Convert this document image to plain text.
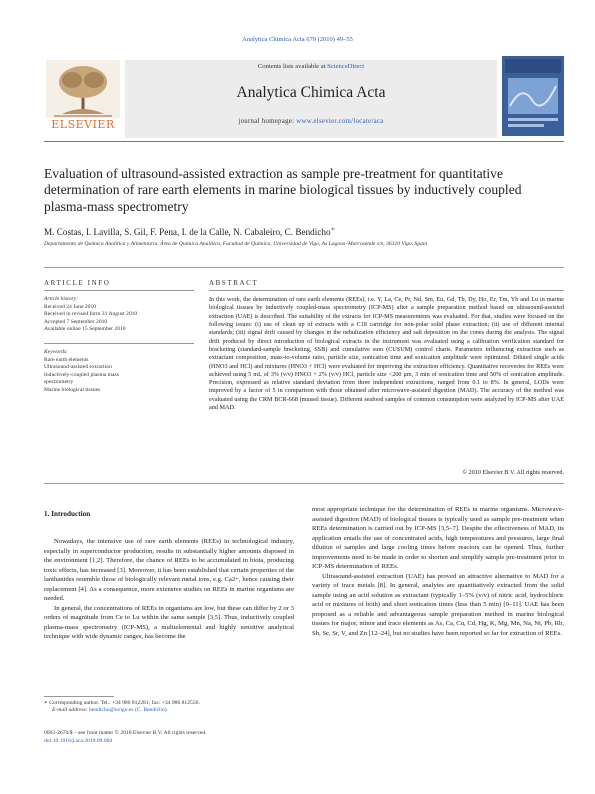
Analytica Chimica Acta 679 (2010) 49–55
Contents lists available at ScienceDirect
Analytica Chimica Acta
journal homepage: www.elsevier.com/locate/aca
ELSEVIER
Evaluation of ultrasound-assisted extraction as sample pre-treatment for quantitative determination of rare earth elements in marine biological tissues by inductively coupled plasma-mass spectrometry
M. Costas, I. Lavilla, S. Gil, F. Pena, I. de la Calle, N. Cabaleiro, C. Bendicho∗
Departamento de Química Analítica y Alimentaria, Área de Química Analítica, Facultad de Química, Universidad de Vigo, As Lagoas–Marcosende s/n, 36310 Vigo, Spain
ARTICLE INFO
Article history:
Received 24 June 2010
Received in revised form 31 August 2010
Accepted 7 September 2010
Available online 15 September 2010
Keywords:
Rare earth elements
Ultrasound-assisted extraction
Inductively-coupled plasma mass
spectrometry
Marine biological tissues
ABSTRACT
In this work, the determination of rare earth elements (REEs), i.e. Y, La, Ce, Pr, Nd, Sm, Eu, Gd, Tb, Dy, Ho, Er, Tm, Yb and Lu in marine biological tissues by inductively coupled-mass spectrometry (ICP-MS) after a sample preparation method based on ultrasound-assisted extraction (UAE) is described. The suitability of the extracts for ICP-MS measurements was evaluated. For that, studies were focused on the following issues: (i) use of clean up of extracts with a C18 cartridge for non-polar solid phase extraction; (ii) use of different internal standards; (iii) signal drift caused by changes in the nebulization efficiency and salt deposition on the cones during the analysis. The signal drift produced by direct introduction of biological extracts in the instrument was evaluated using a calibration verification standard for bracketing (standard-sample bracketing, SSB) and cumulative sum (CUSUM) control charts. Parameters influencing extraction such as extractant composition, mass-to-volume ratio, particle size, sonication time and sonication amplitude were optimized. Diluted single acids (HNO3 and HCl) and mixtures (HNO3 + HCl) were evaluated for improving the extraction efficiency. Quantitative recoveries for REEs were achieved using 5 mL of 3% (v/v) HNO3 + 2% (v/v) HCl, particle size <200 μm, 3 min of sonication time and 50% of sonication amplitude. Precision, expressed as relative standard deviation from three independent extractions, ranged from 0.1 to 8%. In general, LODs were improved by a factor of 5 in comparison with those obtained after microwave-assisted digestion (MAD). The accuracy of the method was evaluated using the CRM BCR-668 (mussel tissue). Different seafood samples of common consumption were analyzed by ICP-MS after UAE and MAD.
© 2010 Elsevier B.V. All rights reserved.
1. Introduction

Nowadays, the intensive use of rare earth elements (REEs) in technological industry, especially in superconductor production, results in substantially higher amounts disposed in the environment [1,2]. Therefore, the chance of REEs to be accumulated in biota, producing toxic effects, has increased [3]. Moreover, it has been established that certain properties of the lanthanides resemble those of biologically relevant metal ions, e.g. Ca2+, hence causing their replacement [4]. As a consequence, more extensive studies on REEs in marine organisms are needed.

In general, the concentrations of REEs in organisms are low, but these can differ by 2 or 3 orders of magnitude from Ce to Lu within the same sample [3,5]. Thus, inductively coupled plasma-mass spectrometry (ICP-MS), a multielemental and highly sensitive analytical technique with wide dynamic ranges, has become the

most appropriate technique for the determination of REEs in marine organisms. Microwave-assisted digestion (MAD) of biological tissues is typically used as sample pre-treatment when REEs determination is carried out by ICP-MS [3,5–7]. Despite the effectiveness of MAD, its application entails the use of concentrated acids, high temperatures and pressures, large final dilution of samples and large cooling times before reactors can be opened. Thus, further improvements need to be made in order to shorten and simplify sample pre-treatment prior to ICP-MS determination of REEs.

Ultrasound-assisted extraction (UAE) has proved an attractive alternative to MAD for a variety of trace metals [8]. In general, analytes are quantitatively extracted from the solid sample using an acid solution as extractant (typically 1–5% (v/v) of nitric acid, hydrochloric acid or mixtures of both) and short sonication times (less than 5 min) [9–11]. UAE has been proposed as a reliable and advantageous sample preparation method in marine biological tissues for major, minor and trace elements as As, Ca, Cu, Cd, Hg, K, Mg, Mn, Na, Ni, Pb, Rb, Sb, Se, Sr, V, and Zn [12–24], but no studies have been reported so far for extraction of REEs.

∗ Corresponding author. Tel.: +34 986 812281; fax: +34 986 812556.
E-mail address: bendicho@uvigo.es (C. Bendicho).
0003-2670/$ – see front matter © 2010 Elsevier B.V. All rights reserved.
doi:10.1016/j.aca.2010.09.004
